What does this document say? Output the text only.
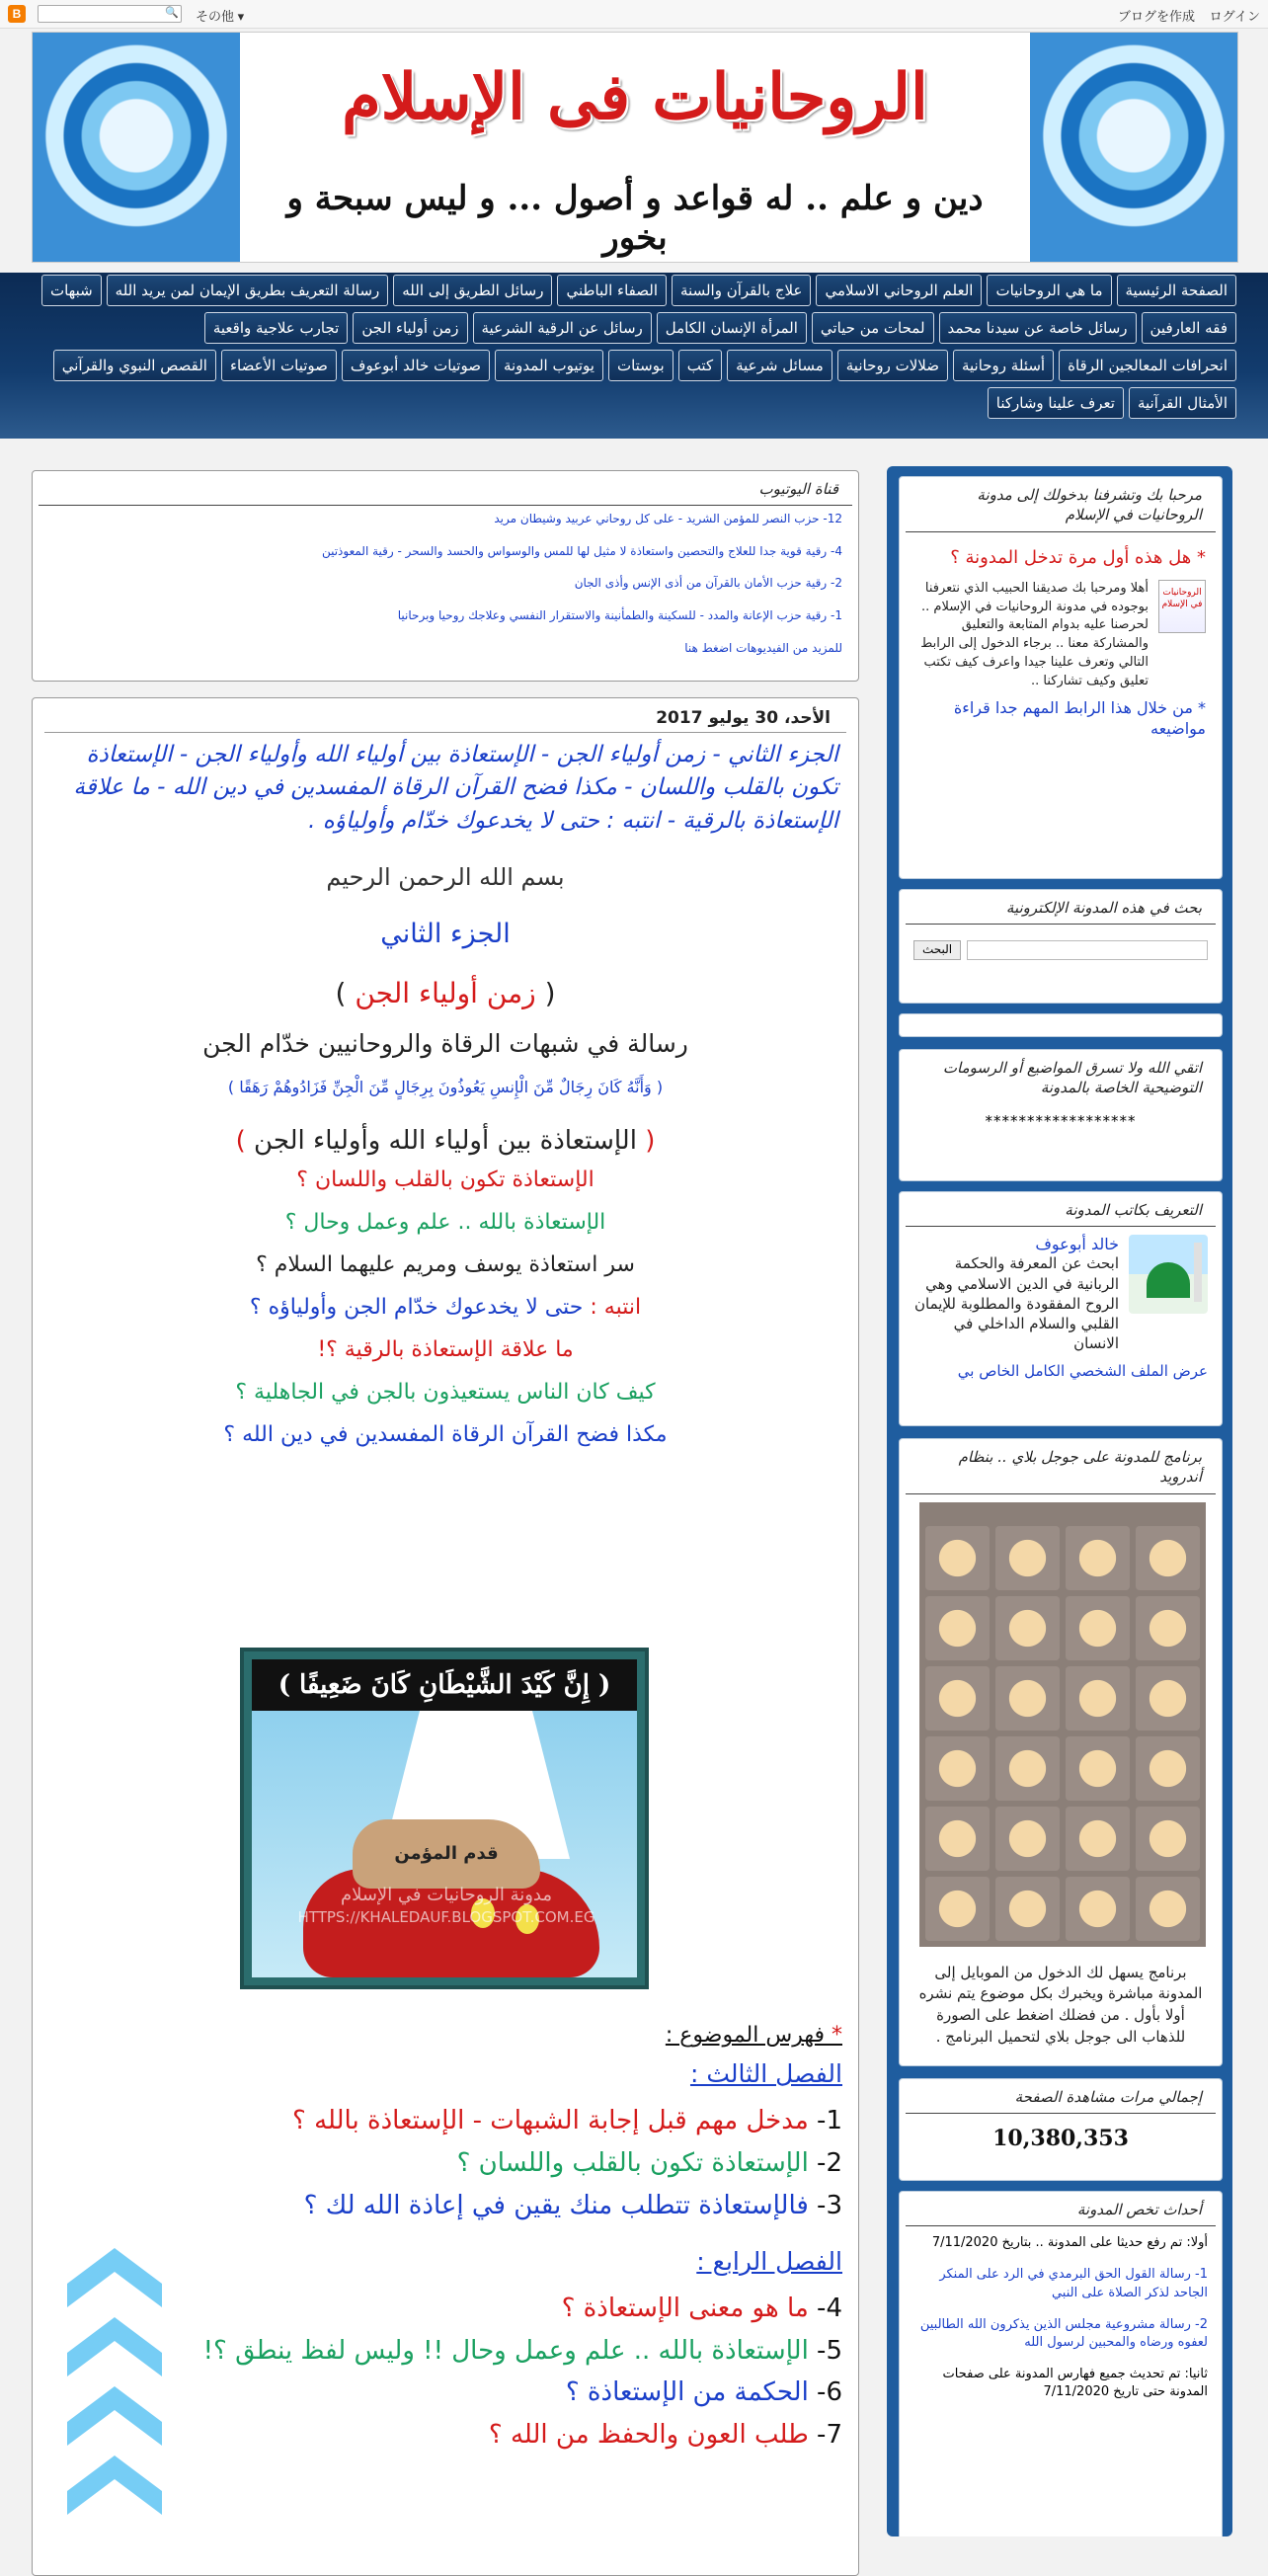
B	🔍 その他 ▾	ブログを作成 ログイン
الروحانيات فى الإسلام
دين و علم .. له قواعد و أصول ... و ليس سبحة و بخور
الصفحة الرئيسية
ما هي الروحانيات
العلم الروحاني الاسلامي
علاج بالقرآن والسنة
الصفاء الباطني
رسائل الطريق إلى الله
رسالة التعريف بطريق الإيمان لمن يريد الله
شبهات
فقه العارفين
رسائل خاصة عن سيدنا محمد
لمحات من حياتي
المرأة الإنسان الكامل
رسائل عن الرقية الشرعية
زمن أولياء الجن
تجارب علاجية واقعية
انحرافات المعالجين الرقاة
أسئلة روحانية
ضلالات روحانية
مسائل شرعية
كتب
بوستات
يوتيوب المدونة
صوتيات خالد أبوعوف
صوتيات الأعضاء
القصص النبوي والقرآني
الأمثال القرآنية
تعرف علينا وشاركنا
قناة اليوتيوب
12- حزب النصر للمؤمن الشريد - على كل روحاني عربيد وشيطان مريد
4- رقية قوية جدا للعلاج والتحصين واستعاذة لا مثيل لها للمس والوسواس والحسد والسحر - رقية المعوذتين
2- رقية حزب الأمان بالقرآن من أذى الإنس وأذى الجان
1- رقية حزب الإعانة والمدد - للسكينة والطمأنينة والاستقرار النفسي وعلاجك روحيا وبرحانيا
للمزيد من الفيديوهات اضغط هنا
الأحد، 30 يوليو 2017
الجزء الثاني - زمن أولياء الجن - الإستعاذة بين أولياء الله وأولياء الجن - الإستعاذة تكون بالقلب واللسان - مكذا فضح القرآن الرقاة المفسدين في دين الله - ما علاقة الإستعاذة بالرقية - انتبه : حتى لا يخدعوك خدّام وأولياؤه .
بسم الله الرحمن الرحيم
الجزء الثاني
( زمن أولياء الجن )
رسالة في شبهات الرقاة والروحانيين خدّام الجن
( وَأَنَّهُ كَانَ رِجَالٌ مِّنَ الْإِنسِ يَعُوذُونَ بِرِجَالٍ مِّنَ الْجِنِّ فَزَادُوهُمْ رَهَقًا )
( الإستعاذة بين أولياء الله وأولياء الجن )
الإستعاذة تكون بالقلب واللسان ؟
الإستعاذة بالله .. علم وعمل وحال ؟
سر استعاذة يوسف ومريم عليهما السلام ؟
انتبه : حتى لا يخدعوك خدّام الجن وأولياؤه ؟
ما علاقة الإستعاذة بالرقية ؟!
كيف كان الناس يستعيذون بالجن في الجاهلية ؟
مكذا فضح القرآن الرقاة المفسدين في دين الله ؟
( إِنَّ كَيْدَ الشَّيْطَانِ كَانَ ضَعِيفًا )
قدم المؤمن
مدونة الروحانيات في الإسلام
HTTPS://KHALEDAUF.BLOGSPOT.COM.EG
* فهرس الموضوع :
الفصل الثالث :
1- مدخل مهم قبل إجابة الشبهات - الإستعاذة بالله ؟
2- الإستعاذة تكون بالقلب واللسان ؟
3- فالإستعاذة تتطلب منك يقين في إعاذة الله لك ؟
الفصل الرابع :
4- ما هو معنى الإستعاذة ؟
5- الإستعاذة بالله .. علم وعمل وحال !! وليس لفظ ينطق ؟!
6- الحكمة من الإستعاذة ؟
7- طلب العون والحفظ من الله ؟
مرحبا بك وتشرفنا بدخولك إلى مدونة الروحانيات في الإسلام
* هل هذه أول مرة تدخل المدونة ؟
الروحانيات في الإسلام
أهلا ومرحبا بك صديقنا الحبيب الذي نتعرفنا بوجوده في مدونة الروحانيات في الإسلام .. لحرصنا عليه بدوام المتابعة والتعليق والمشاركة معنا .. برجاء الدخول إلى الرابط التالي وتعرف علينا جيدا واعرف كيف تكتب تعليق وكيف تشاركنا ..
* من خلال هذا الرابط المهم جدا قراءة مواضيعه
بحث في هذه المدونة الإلكترونية
البحث
اتقي الله ولا تسرق المواضيع أو الرسومات التوضيحية الخاصة بالمدونة
******************
التعريف بكاتب المدونة
خالد أبوعوف
ابحث عن المعرفة والحكمة الربانية في الدين الاسلامي وهي الروح المفقودة والمطلوبة للإيمان القلبي والسلام الداخلي في الانسان
عرض الملف الشخصي الكامل الخاص بي
برنامج للمدونة على جوجل بلاي .. بنظام أندرويد
برنامج يسهل لك الدخول من الموبايل إلى المدونة مباشرة ويخبرك بكل موضوع يتم نشره أولا بأول . من فضلك اضغط على الصورة للذهاب الى جوجل بلاي لتحميل البرنامج .
إجمالي مرات مشاهدة الصفحة
10,380,353
أحداث تخص المدونة

أولا: تم رفع حديثا على المدونة .. بتاريخ 7/11/2020

1- رسالة القول الحق البرمدي في الرد على المنكر الجاحد لذكر الصلاة على النبي

2- رسالة مشروعية مجلس الذين يذكرون الله الطالبين لعفوه ورضاه والمحبين لرسول الله

ثانيا: تم تحديث جميع فهارس المدونة على صفحات المدونة حتى تاريخ 7/11/2020
